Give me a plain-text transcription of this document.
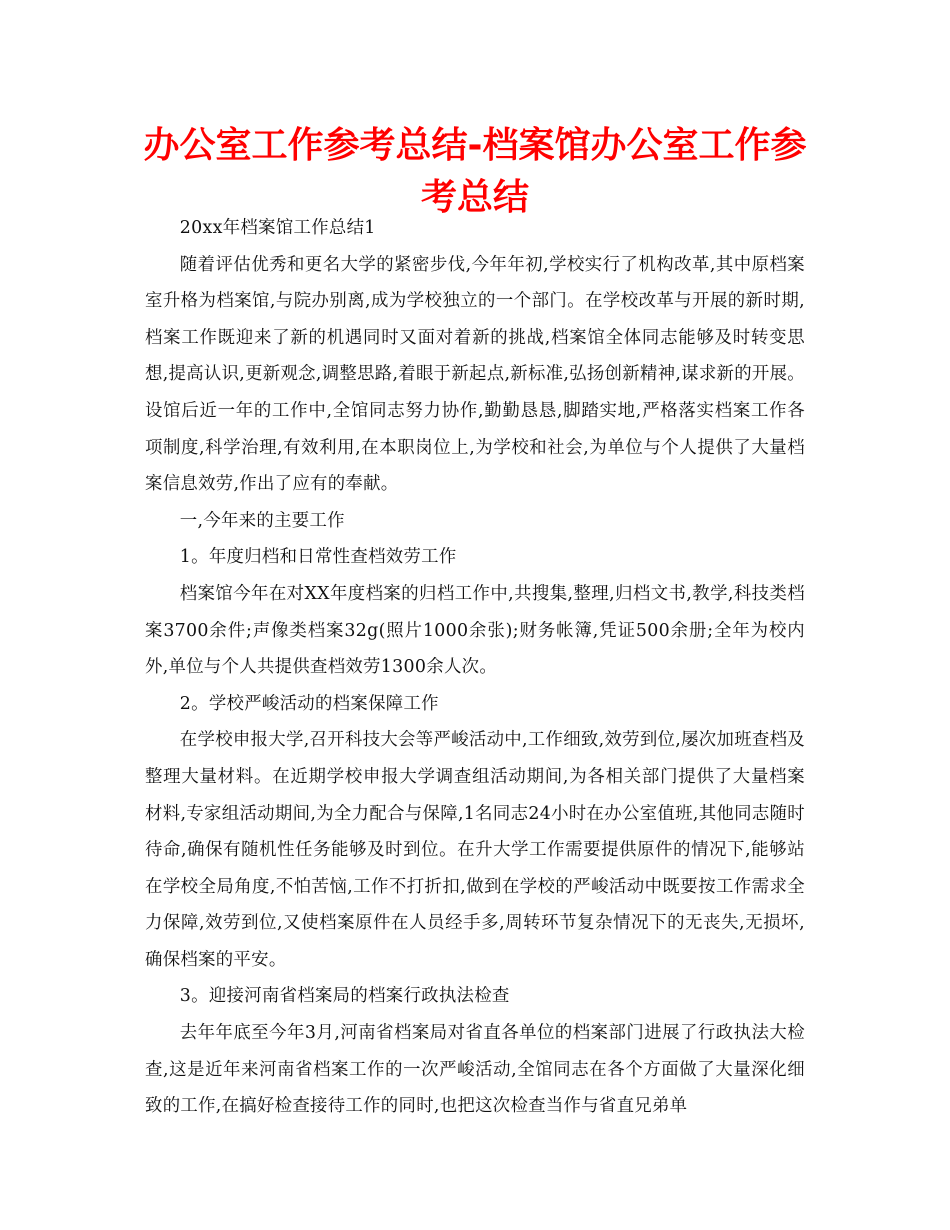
办公室工作参考总结-档案馆办公室工作参考总结

20xx年档案馆工作总结1

随着评估优秀和更名大学的紧密步伐,今年年初,学校实行了机构改革,其中原档案室升格为档案馆,与院办别离,成为学校独立的一个部门。在学校改革与开展的新时期,档案工作既迎来了新的机遇同时又面对着新的挑战,档案馆全体同志能够及时转变思想,提高认识,更新观念,调整思路,着眼于新起点,新标准,弘扬创新精神,谋求新的开展。设馆后近一年的工作中,全馆同志努力协作,勤勤恳恳,脚踏实地,严格落实档案工作各项制度,科学治理,有效利用,在本职岗位上,为学校和社会,为单位与个人提供了大量档案信息效劳,作出了应有的奉献。

一,今年来的主要工作

1。年度归档和日常性查档效劳工作

档案馆今年在对XX年度档案的归档工作中,共搜集,整理,归档文书,教学,科技类档案3700余件;声像类档案32g(照片1000余张);财务帐簿,凭证500余册;全年为校内外,单位与个人共提供查档效劳1300余人次。

2。学校严峻活动的档案保障工作

在学校申报大学,召开科技大会等严峻活动中,工作细致,效劳到位,屡次加班查档及整理大量材料。在近期学校申报大学调查组活动期间,为各相关部门提供了大量档案材料,专家组活动期间,为全力配合与保障,1名同志24小时在办公室值班,其他同志随时待命,确保有随机性任务能够及时到位。在升大学工作需要提供原件的情况下,能够站在学校全局角度,不怕苦恼,工作不打折扣,做到在学校的严峻活动中既要按工作需求全力保障,效劳到位,又使档案原件在人员经手多,周转环节复杂情况下的无丧失,无损坏,确保档案的平安。

3。迎接河南省档案局的档案行政执法检查

去年年底至今年3月,河南省档案局对省直各单位的档案部门进展了行政执法大检查,这是近年来河南省档案工作的一次严峻活动,全馆同志在各个方面做了大量深化细致的工作,在搞好检查接待工作的同时,也把这次检查当作与省直兄弟单
